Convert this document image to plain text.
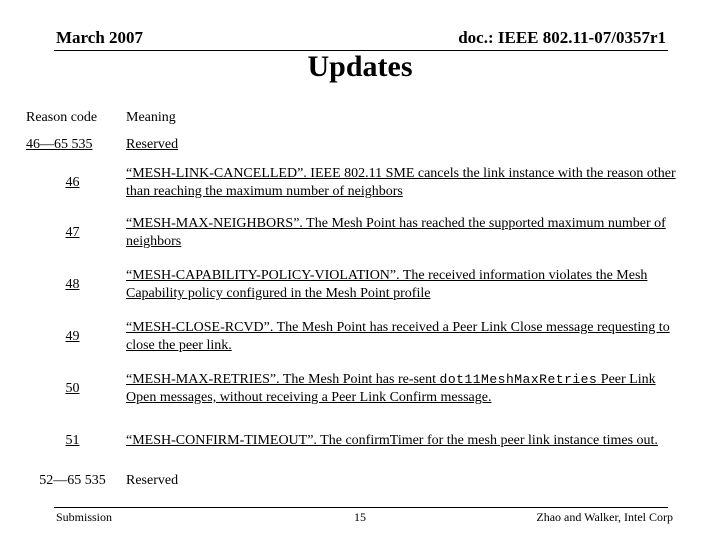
March 2007	doc.: IEEE 802.11-07/0357r1
Updates
Reason code	Meaning
46—65 535	Reserved
46	“MESH-LINK-CANCELLED”. IEEE 802.11 SME cancels the link instance with the reason other than reaching the maximum number of neighbors
47	“MESH-MAX-NEIGHBORS”. The Mesh Point has reached the supported maximum number of neighbors
48	“MESH-CAPABILITY-POLICY-VIOLATION”. The received information violates the Mesh Capability policy configured in the Mesh Point profile
49	“MESH-CLOSE-RCVD”. The Mesh Point has received a Peer Link Close message requesting to close the peer link.
50	“MESH-MAX-RETRIES”. The Mesh Point has re-sent dot11MeshMaxRetries Peer Link Open messages, without receiving a Peer Link Confirm message.
51	“MESH-CONFIRM-TIMEOUT”. The confirmTimer for the mesh peer link instance times out.
52—65 535	Reserved
Submission	15	Zhao and Walker, Intel Corp
